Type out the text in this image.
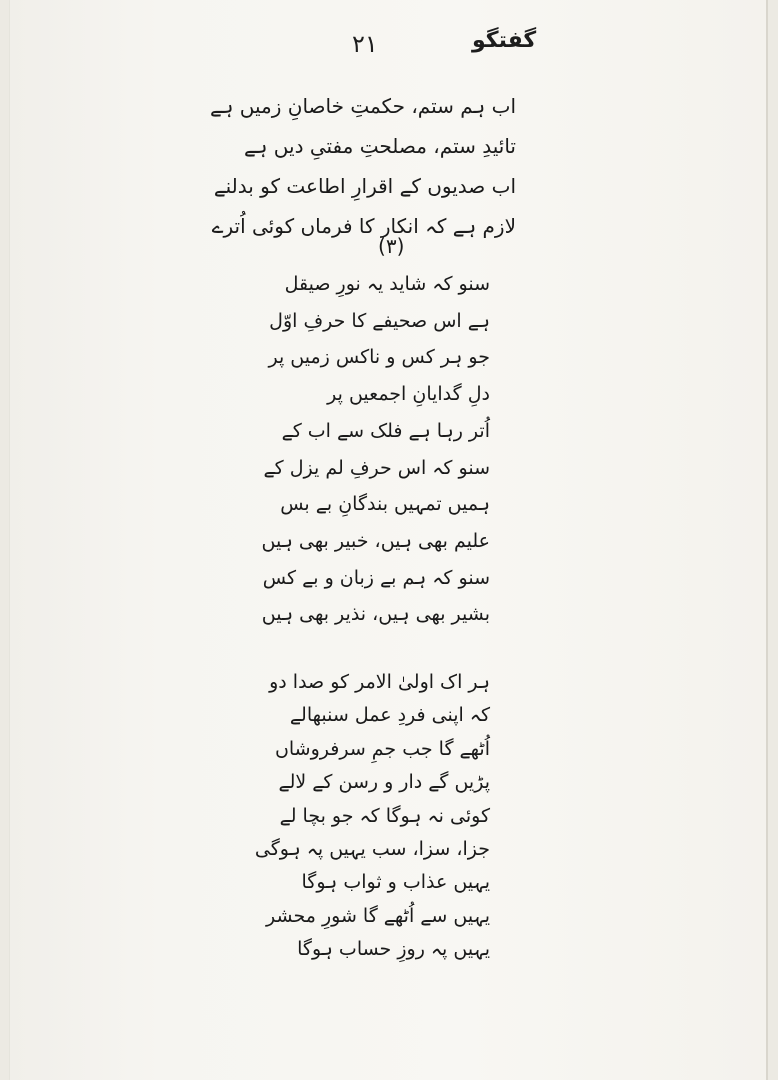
۲۱	گفتگو
اب ہم ستم، حکمتِ خاصانِ زمیں ہے
تائیدِ ستم، مصلحتِ مفتیِ دیں ہے
اب صدیوں کے اقرارِ اطاعت کو بدلنے
لازم ہے کہ انکار کا فرماں کوئی اُترے
(۳)
سنو کہ شاید یہ نورِ صیقل
ہے اس صحیفے کا حرفِ اوّل
جو ہر کس و ناکس زمیں پر
دلِ گدایانِ اجمعیں پر
اُتر رہا ہے فلک سے اب کے
سنو کہ اس حرفِ لم یزل کے
ہمیں تمہیں بندگانِ بے بس
علیم بھی ہیں، خبیر بھی ہیں
سنو کہ ہم بے زبان و بے کس
بشیر بھی ہیں، نذیر بھی ہیں
ہر اک اولیٰ الامر کو صدا دو
کہ اپنی فردِ عمل سنبھالے
اُٹھے گا جب جمِ سرفروشاں
پڑیں گے دار و رسن کے لالے
کوئی نہ ہوگا کہ جو بچا لے
جزا، سزا، سب یہیں پہ ہوگی
یہیں عذاب و ثواب ہوگا
یہیں سے اُٹھے گا شورِ محشر
یہیں پہ روزِ حساب ہوگا
